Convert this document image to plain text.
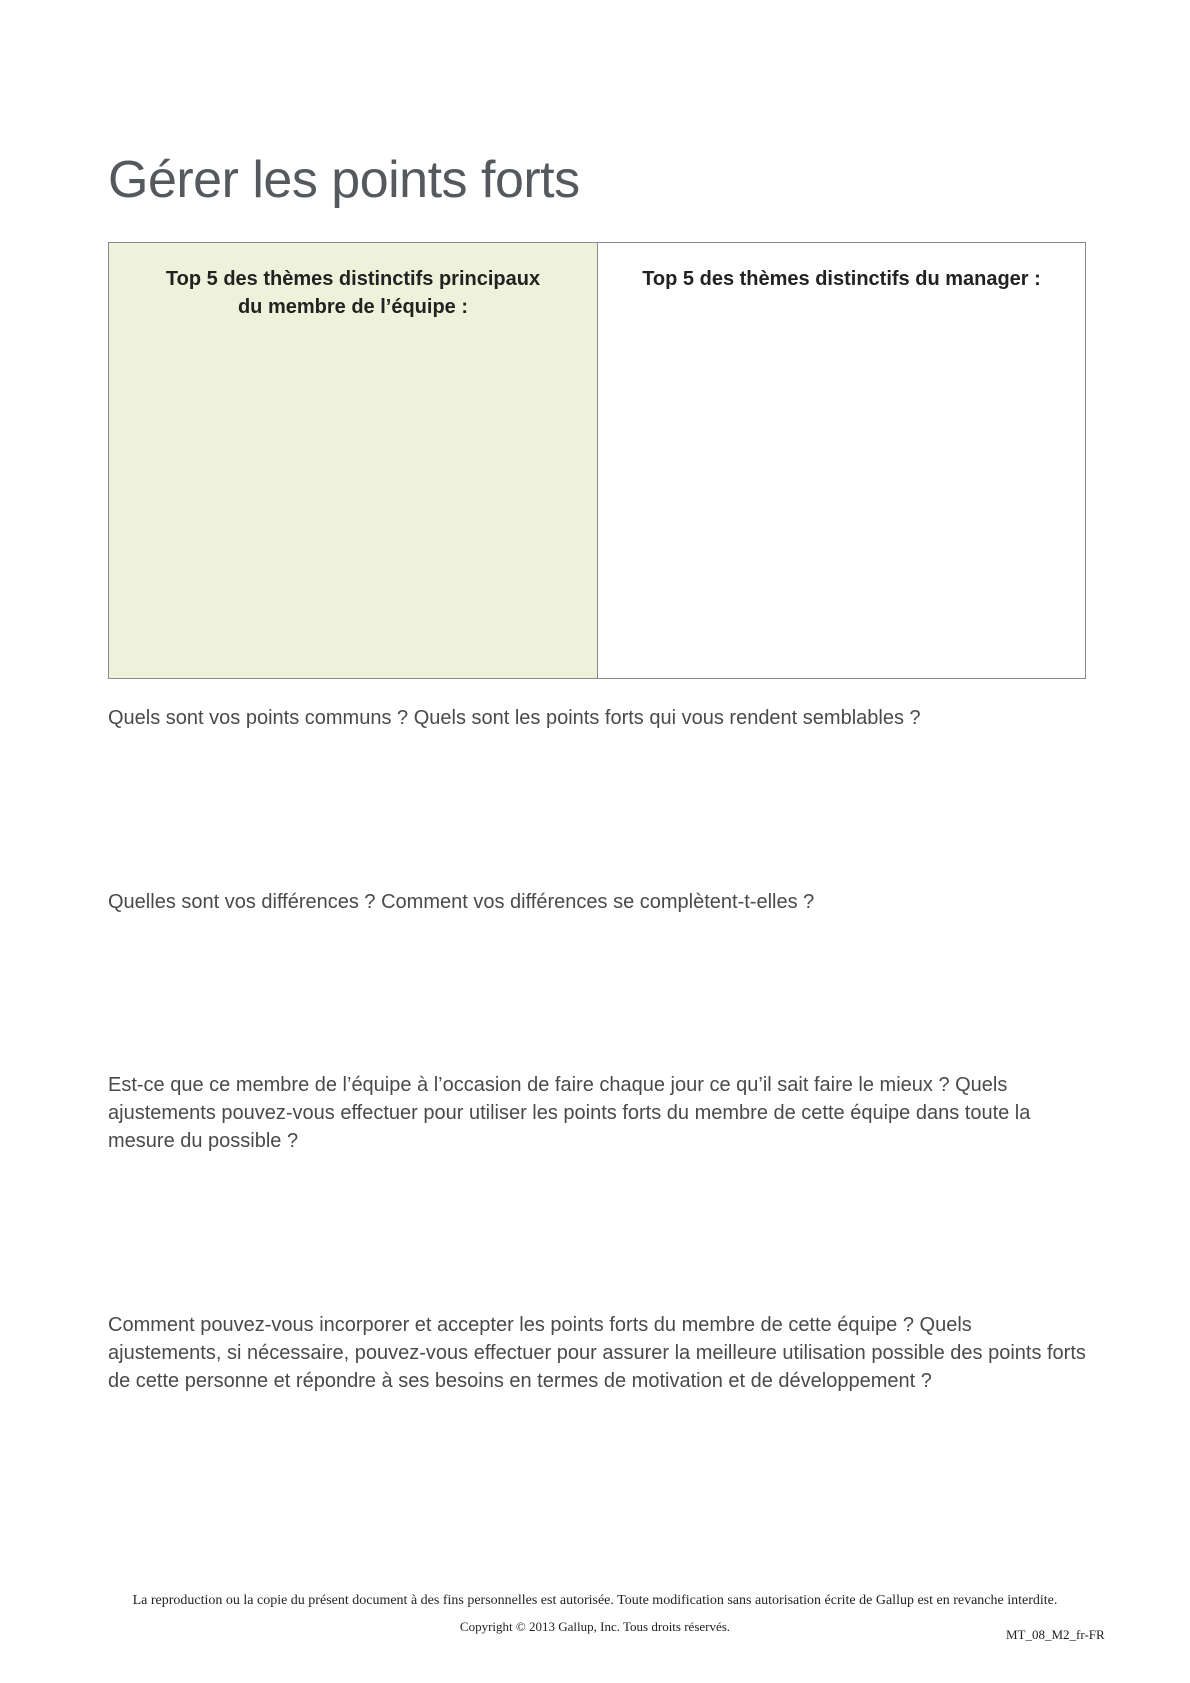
Gérer les points forts
Top 5 des thèmes distinctifs principaux
du membre de l’équipe :
Top 5 des thèmes distinctifs du manager :

Quels sont vos points communs ? Quels sont les points forts qui vous rendent semblables ?

Quelles sont vos différences ? Comment vos différences se complètent-t-elles ?

Est-ce que ce membre de l’équipe à l’occasion de faire chaque jour ce qu’il sait faire le mieux ? Quels ajustements pouvez-vous effectuer pour utiliser les points forts du membre de cette équipe dans toute la mesure du possible ?

Comment pouvez-vous incorporer et accepter les points forts du membre de cette équipe ? Quels ajustements, si nécessaire, pouvez-vous effectuer pour assurer la meilleure utilisation possible des points forts de cette personne et répondre à ses besoins en termes de motivation et de développement ?

La reproduction ou la copie du présent document à des fins personnelles est autorisée. Toute modification sans autorisation écrite de Gallup est en revanche interdite.
Copyright © 2013 Gallup, Inc. Tous droits réservés.
MT_08_M2_fr-FR
